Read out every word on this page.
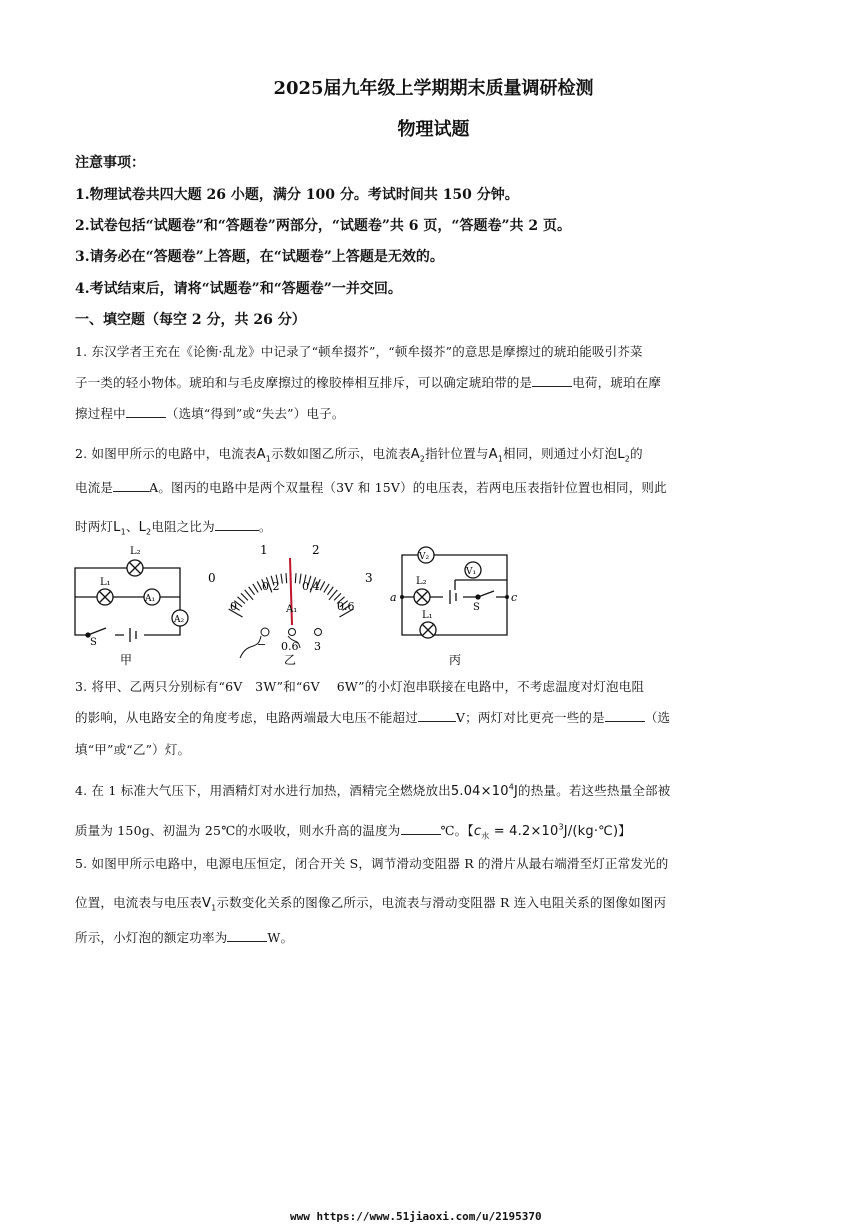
2025届九年级上学期期末质量调研检测
物理试题
注意事项：
1.物理试卷共四大题 26 小题，满分 100 分。考试时间共 150 分钟。
2.试卷包括“试题卷”和“答题卷”两部分，“试题卷”共 6 页，“答题卷”共 2 页。
3.请务必在“答题卷”上答题，在“试题卷”上答题是无效的。
4.考试结束后，请将“试题卷”和“答题卷”一并交回。
一、填空题（每空 2 分，共 26 分）
1. 东汉学者王充在《论衡·乱龙》中记录了“顿牟掇芥”，“顿牟掇芥”的意思是摩擦过的琥珀能吸引芥菜
子一类的轻小物体。琥珀和与毛皮摩擦过的橡胶棒相互排斥，可以确定琥珀带的是	电荷，琥珀在摩
擦过程中	（选填“得到”或“失去”）电子。
2. 如图甲所示的电路中，电流表$A_1$示数如图乙所示，电流表$A_2$指针位置与$A_1$相同，则通过小灯泡$L_2$的
电流是	A。图丙的电路中是两个双量程（3V 和 15V）的电压表，若两电压表指针位置也相同，则此
时两灯$L_1$、$L_2$电阻之比为	。
L₂
L₁
A₁
A₂
S
甲
0
1	2
3
0
0.2 0.4
0.6
A₁
− 0.6 3
乙
V₂
V₁
L₂
L₁
S
a	c
丙
3. 将甲、乙两只分别标有“6V　3W”和“6V　 6W”的小灯泡串联接在电路中，不考虑温度对灯泡电阻
的影响，从电路安全的角度考虑，电路两端最大电压不能超过	V；两灯对比更亮一些的是	（选
填“甲”或“乙”）灯。
4. 在 1 标准大气压下，用酒精灯对水进行加热，酒精完全燃烧放出$5.04\times 10^4J$的热量。若这些热量全部被
质量为 150g、初温为 25℃的水吸收，则水升高的温度为	℃。【$c_水$ = $4.2\times 10^3J/(kg\cdot℃)$】
5. 如图甲所示电路中，电源电压恒定，闭合开关 S，调节滑动变阻器 R 的滑片从最右端滑至灯正常发光的
位置，电流表与电压表$V_1$示数变化关系的图像乙所示，电流表与滑动变阻器 R 连入电阻关系的图像如图丙
所示，小灯泡的额定功率为	W。
www https://www.51jiaoxi.com/u/2195370
